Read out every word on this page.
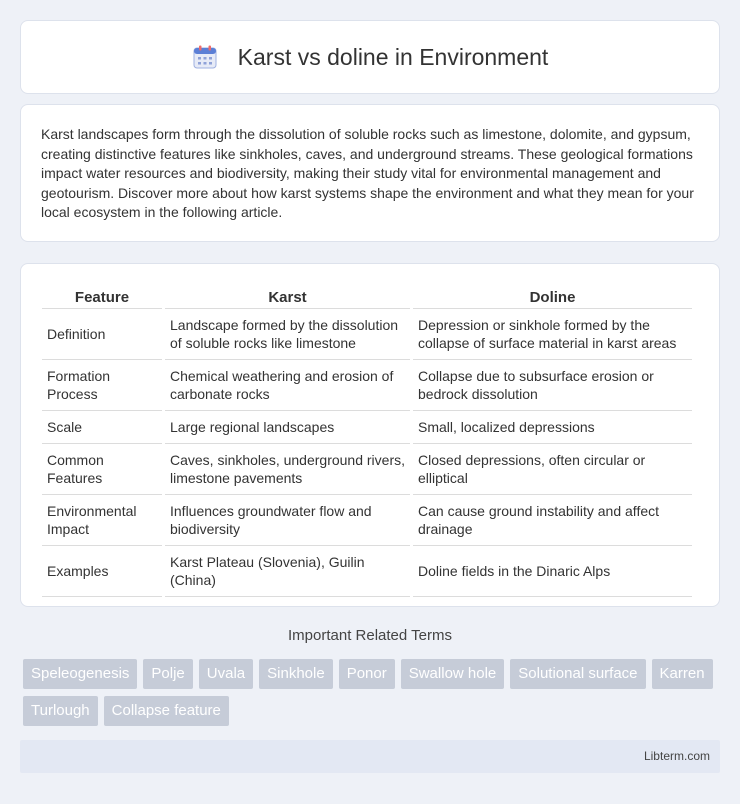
Karst vs doline in Environment

Karst landscapes form through the dissolution of soluble rocks such as limestone, dolomite, and gypsum, creating distinctive features like sinkholes, caves, and underground streams. These geological formations impact water resources and biodiversity, making their study vital for environmental management and geotourism. Discover more about how karst systems shape the environment and what they mean for your local ecosystem in the following article.

Feature	Karst	Doline
Definition	Landscape formed by the dissolution of soluble rocks like limestone	Depression or sinkhole formed by the collapse of surface material in karst areas
Formation Process	Chemical weathering and erosion of carbonate rocks	Collapse due to subsurface erosion or bedrock dissolution
Scale	Large regional landscapes	Small, localized depressions
Common Features	Caves, sinkholes, underground rivers, limestone pavements	Closed depressions, often circular or elliptical
Environmental Impact	Influences groundwater flow and biodiversity	Can cause ground instability and affect drainage
Examples	Karst Plateau (Slovenia), Guilin (China)	Doline fields in the Dinaric Alps
Important Related Terms
Speleogenesis	Polje	Uvala	Sinkhole	Ponor	Swallow hole	Solutional surface	Karren
Turlough	Collapse feature
Libterm.com
